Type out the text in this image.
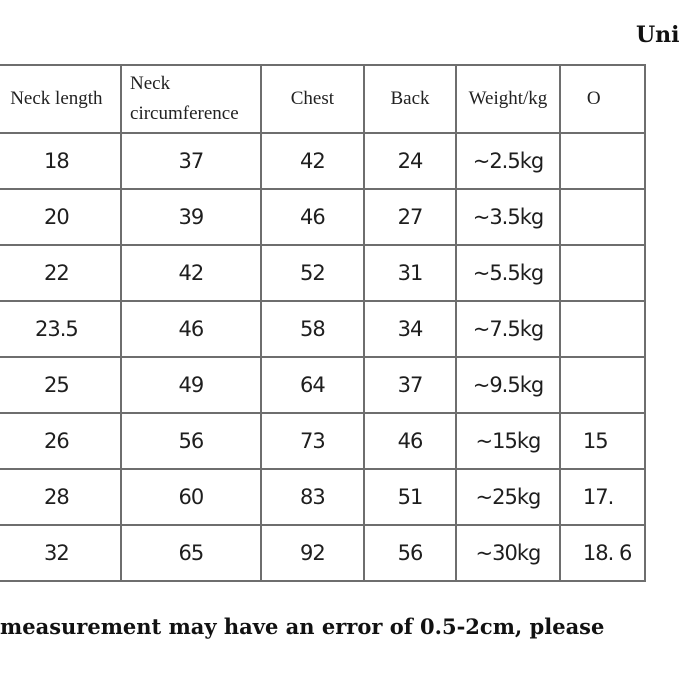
Uni
	Neck length	Neck
circumference	Chest	Back	Weight/kg	O
	18	37	42	24	~2.5kg	
	20	39	46	27	~3.5kg	
	22	42	52	31	~5.5kg	
	23.5	46	58	34	~7.5kg	
	25	49	64	37	~9.5kg	
	26	56	73	46	~15kg	15
	28	60	83	51	~25kg	17.
	32	65	92	56	~30kg	18. 6
measurement may have an error of 0.5-2cm, please
